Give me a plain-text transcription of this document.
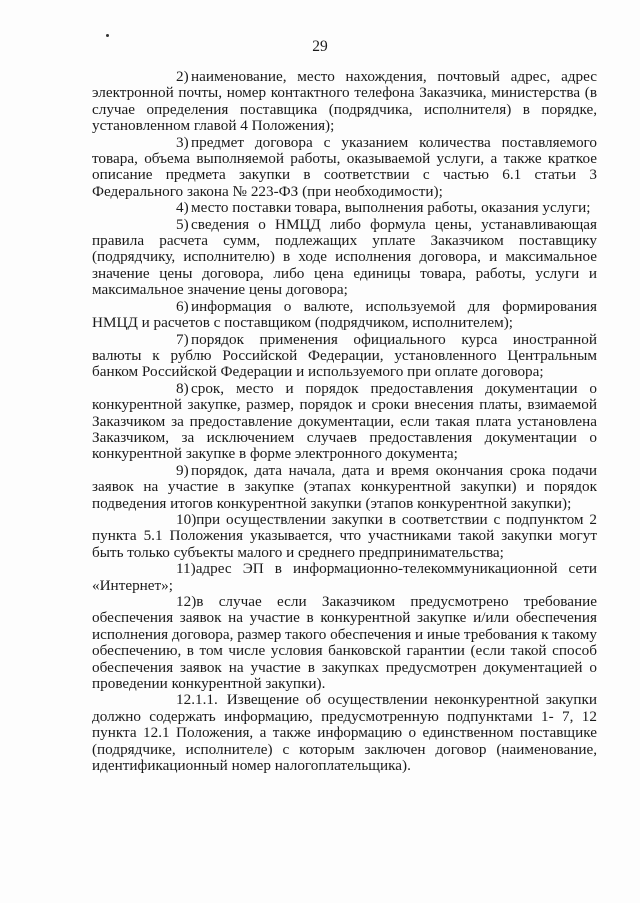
29

2) наименование, место нахождения, почтовый адрес, адрес электронной почты, номер контактного телефона Заказчика, министерства (в случае определения поставщика (подрядчика, исполнителя) в порядке, установленном главой 4 Положения);

3) предмет договора с указанием количества поставляемого товара, объема выполняемой работы, оказываемой услуги, а также краткое описание предмета закупки в соответствии с частью 6.1 статьи 3 Федерального закона № 223-ФЗ (при необходимости);

4) место поставки товара, выполнения работы, оказания услуги;

5) сведения о НМЦД либо формула цены, устанавливающая правила расчета сумм, подлежащих уплате Заказчиком поставщику (подрядчику, исполнителю) в ходе исполнения договора, и максимальное значение цены договора, либо цена единицы товара, работы, услуги и максимальное значение цены договора;

6) информация о валюте, используемой для формирования НМЦД и расчетов с поставщиком (подрядчиком, исполнителем);

7) порядок применения официального курса иностранной валюты к рублю Российской Федерации, установленного Центральным банком Российской Федерации и используемого при оплате договора;

8) срок, место и порядок предоставления документации о конкурентной закупке, размер, порядок и сроки внесения платы, взимаемой Заказчиком за предоставление документации, если такая плата установлена Заказчиком, за исключением случаев предоставления документации о конкурентной закупке в форме электронного документа;

9) порядок, дата начала, дата и время окончания срока подачи заявок на участие в закупке (этапах конкурентной закупки) и порядок подведения итогов конкурентной закупки (этапов конкурентной закупки);

10)при осуществлении закупки в соответствии с подпунктом 2 пункта 5.1 Положения указывается, что участниками такой закупки могут быть только субъекты малого и среднего предпринимательства;

11)адрес ЭП в информационно-телекоммуникационной сети «Интернет»;

12)в случае если Заказчиком предусмотрено требование обеспечения заявок на участие в конкурентной закупке и/или обеспечения исполнения договора, размер такого обеспечения и иные требования к такому обеспечению, в том числе условия банковской гарантии (если такой способ обеспечения заявок на участие в закупках предусмотрен документацией о проведении конкурентной закупки).

12.1.1. Извещение об осуществлении неконкурентной закупки должно содержать информацию, предусмотренную подпунктами 1- 7, 12 пункта 12.1 Положения, а также информацию о единственном поставщике (подрядчике, исполнителе) с которым заключен договор (наименование, идентификационный номер налогоплательщика).
